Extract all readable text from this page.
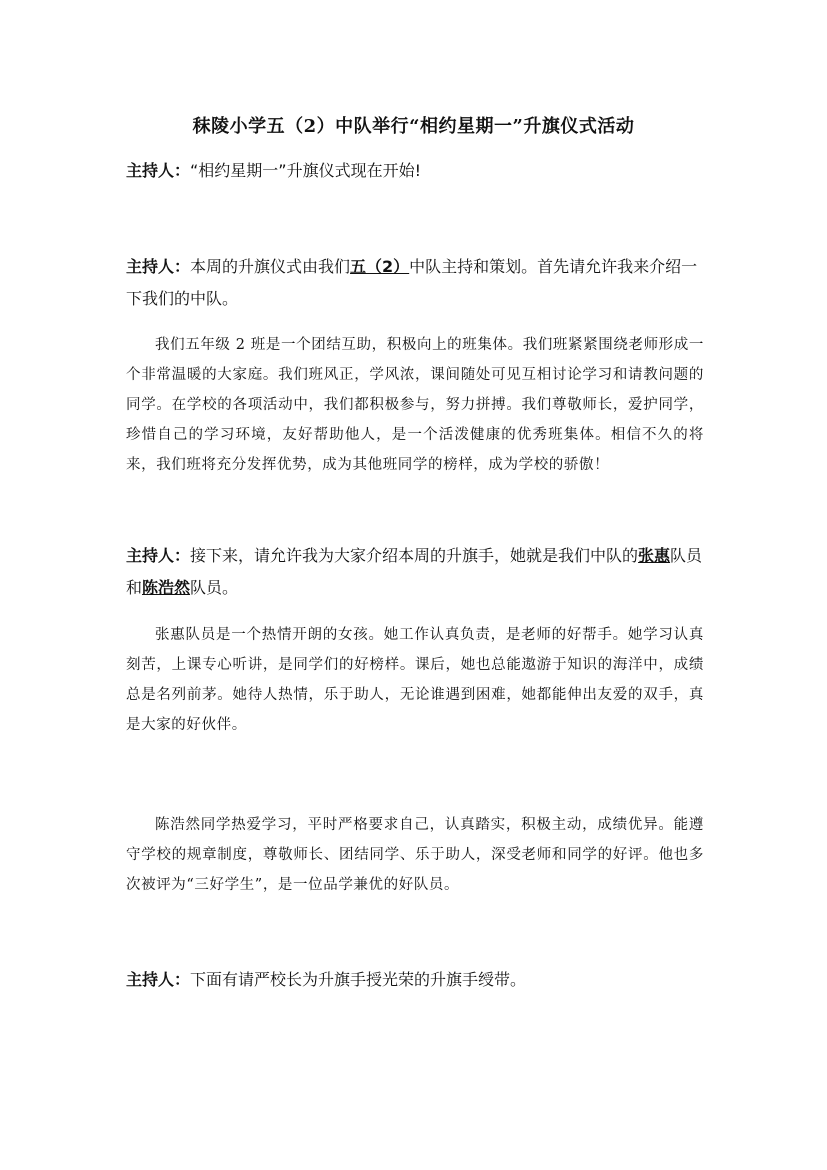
秣陵小学五（2）中队举行“相约星期一”升旗仪式活动
主持人：“相约星期一”升旗仪式现在开始!
主持人：本周的升旗仪式由我们五（2）中队主持和策划。首先请允许我来介绍一下我们的中队。
我们五年级 2 班是一个团结互助，积极向上的班集体。我们班紧紧围绕老师形成一个非常温暖的大家庭。我们班风正，学风浓，课间随处可见互相讨论学习和请教问题的同学。在学校的各项活动中，我们都积极参与，努力拼搏。我们尊敬师长，爱护同学，珍惜自己的学习环境，友好帮助他人，是一个活泼健康的优秀班集体。相信不久的将来，我们班将充分发挥优势，成为其他班同学的榜样，成为学校的骄傲！
主持人：接下来，请允许我为大家介绍本周的升旗手，她就是我们中队的张惠队员和陈浩然队员。
张惠队员是一个热情开朗的女孩。她工作认真负责，是老师的好帮手。她学习认真刻苦，上课专心听讲，是同学们的好榜样。课后，她也总能遨游于知识的海洋中，成绩总是名列前茅。她待人热情，乐于助人，无论谁遇到困难，她都能伸出友爱的双手，真是大家的好伙伴。
陈浩然同学热爱学习，平时严格要求自己，认真踏实，积极主动，成绩优异。能遵守学校的规章制度，尊敬师长、团结同学、乐于助人，深受老师和同学的好评。他也多次被评为“三好学生”，是一位品学兼优的好队员。
主持人：下面有请严校长为升旗手授光荣的升旗手绶带。
